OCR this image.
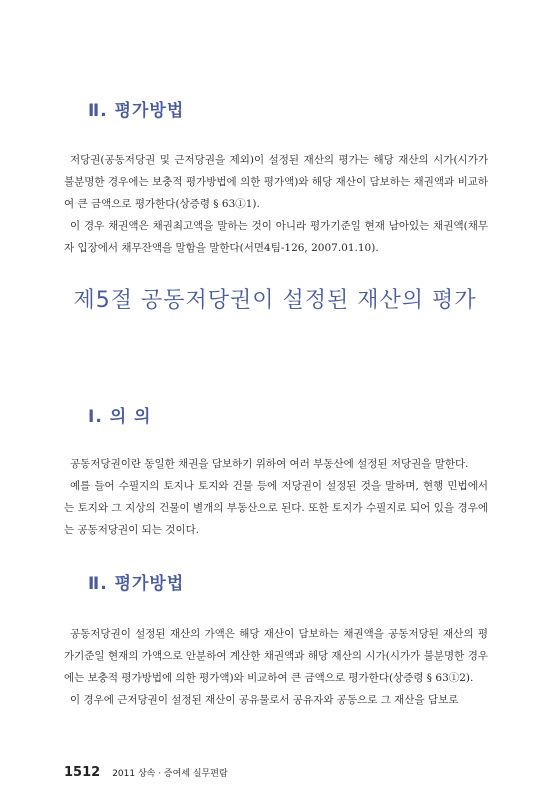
Ⅱ. 평가방법

저당권(공동저당권 및 근저당권을 제외)이 설정된 재산의 평가는 해당 재산의 시가(시가가 불분명한 경우에는 보충적 평가방법에 의한 평가액)와 해당 재산이 담보하는 채권액과 비교하여 큰 금액으로 평가한다(상증령 § 63①1).

이 경우 채권액은 채권최고액을 말하는 것이 아니라 평가기준일 현재 남아있는 채권액(채무자 입장에서 채무잔액을 말함을 말한다(서면4팀-126, 2007.01.10).

제5절 공동저당권이 설정된 재산의 평가
Ⅰ. 의 의

공동저당권이란 동일한 채권을 담보하기 위하여 여러 부동산에 설정된 저당권을 말한다.

예를 들어 수필지의 토지나 토지와 건물 등에 저당권이 설정된 것을 말하며, 현행 민법에서는 토지와 그 지상의 건물이 별개의 부동산으로 된다. 또한 토지가 수필지로 되어 있을 경우에는 공동저당권이 되는 것이다.

Ⅱ. 평가방법

공동저당권이 설정된 재산의 가액은 해당 재산이 담보하는 채권액을 공동저당된 재산의 평가기준일 현재의 가액으로 안분하여 계산한 채권액과 해당 재산의 시가(시가가 불분명한 경우에는 보충적 평가방법에 의한 평가액)와 비교하여 큰 금액으로 평가한다(상증령 § 63①2).

이 경우에 근저당권이 설정된 재산이 공유물로서 공유자와 공동으로 그 재산을 담보로

1512 2011 상속 · 증여세 실무편람
